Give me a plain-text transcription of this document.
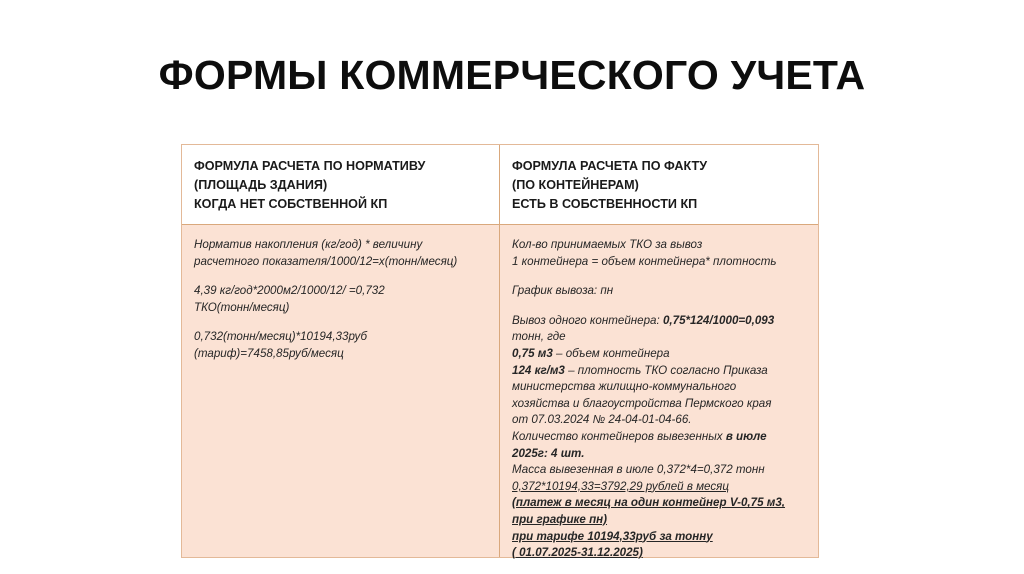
ФОРМЫ КОММЕРЧЕСКОГО УЧЕТА
ФОРМУЛА РАСЧЕТА ПО НОРМАТИВУ
(ПЛОЩАДЬ ЗДАНИЯ)
КОГДА НЕТ СОБСТВЕННОЙ КП
ФОРМУЛА РАСЧЕТА ПО ФАКТУ
(ПО КОНТЕЙНЕРАМ)
ЕСТЬ В СОБСТВЕННОСТИ КП

Норматив накопления (кг/год) * величину
расчетного показателя/1000/12=х(тонн/месяц)

4,39 кг/год*2000м2/1000/12/ =0,732
ТКО(тонн/месяц)

0,732(тонн/месяц)*10194,33руб
(тариф)=7458,85руб/месяц

Кол-во принимаемых ТКО за вывоз
1 контейнера = объем контейнера* плотность

График вывоза: пн

Вывоз одного контейнера: 0,75*124/1000=0,093
тонн, где
0,75 м3 – объем контейнера
124 кг/м3 – плотность ТКО согласно Приказа
министерства жилищно-коммунального
хозяйства и благоустройства Пермского края
от 07.03.2024 № 24-04-01-04-66.
Количество контейнеров вывезенных в июле
2025г: 4 шт.
Масса вывезенная в июле 0,372*4=0,372 тонн
0,372*10194,33=3792,29 рублей в месяц
(платеж в месяц на один контейнер V-0,75 м3,
при графике пн)
при тарифе 10194,33руб за тонну
( 01.07.2025-31.12.2025)
